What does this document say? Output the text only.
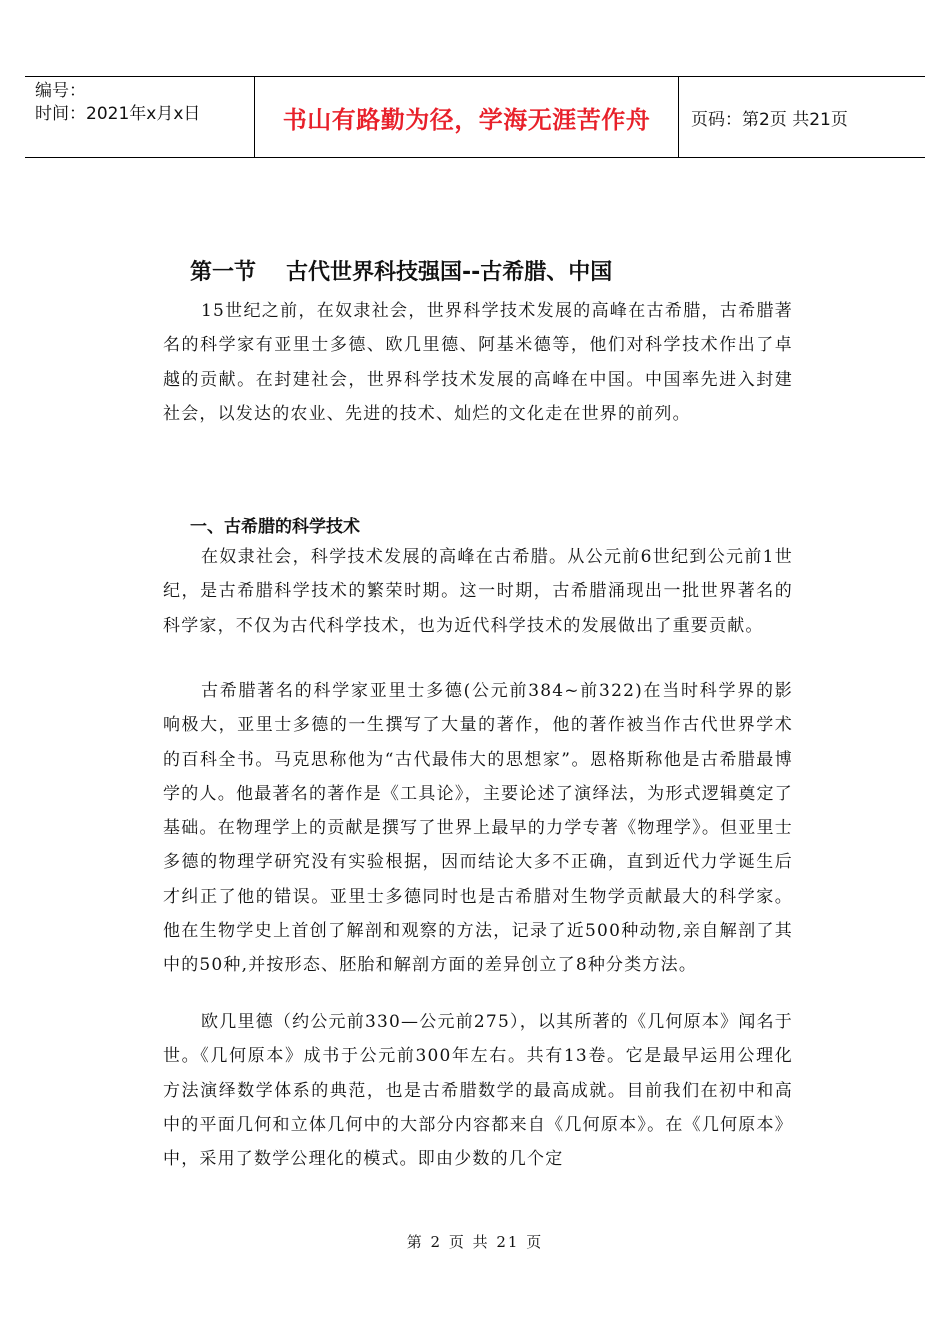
编号：
时间：2021年x月x日	书山有路勤为径，学海无涯苦作舟 页码：第2页 共21页
第一节 古代世界科技强国--古希腊、中国
15世纪之前，在奴隶社会，世界科学技术发展的高峰在古希腊，古希腊著名的科学家有亚里士多德、欧几里德、阿基米德等，他们对科学技术作出了卓越的贡献。在封建社会，世界科学技术发展的高峰在中国。中国率先进入封建社会，以发达的农业、先进的技术、灿烂的文化走在世界的前列。
一、古希腊的科学技术
在奴隶社会，科学技术发展的高峰在古希腊。从公元前6世纪到公元前1世纪，是古希腊科学技术的繁荣时期。这一时期，古希腊涌现出一批世界著名的科学家，不仅为古代科学技术，也为近代科学技术的发展做出了重要贡献。
古希腊著名的科学家亚里士多德(公元前384~前322)在当时科学界的影响极大，亚里士多德的一生撰写了大量的著作，他的著作被当作古代世界学术的百科全书。马克思称他为“古代最伟大的思想家”。恩格斯称他是古希腊最博学的人。他最著名的著作是《工具论》，主要论述了演绎法，为形式逻辑奠定了基础。在物理学上的贡献是撰写了世界上最早的力学专著《物理学》。但亚里士多德的物理学研究没有实验根据，因而结论大多不正确，直到近代力学诞生后才纠正了他的错误。亚里士多德同时也是古希腊对生物学贡献最大的科学家。他在生物学史上首创了解剖和观察的方法，记录了近500种动物,亲自解剖了其中的50种,并按形态、胚胎和解剖方面的差异创立了8种分类方法。
欧几里德（约公元前330—公元前275），以其所著的《几何原本》闻名于世。《几何原本》成书于公元前300年左右。共有13卷。它是最早运用公理化方法演绎数学体系的典范，也是古希腊数学的最高成就。目前我们在初中和高中的平面几何和立体几何中的大部分内容都来自《几何原本》。在《几何原本》中，采用了数学公理化的模式。即由少数的几个定
第 2 页 共 21 页
